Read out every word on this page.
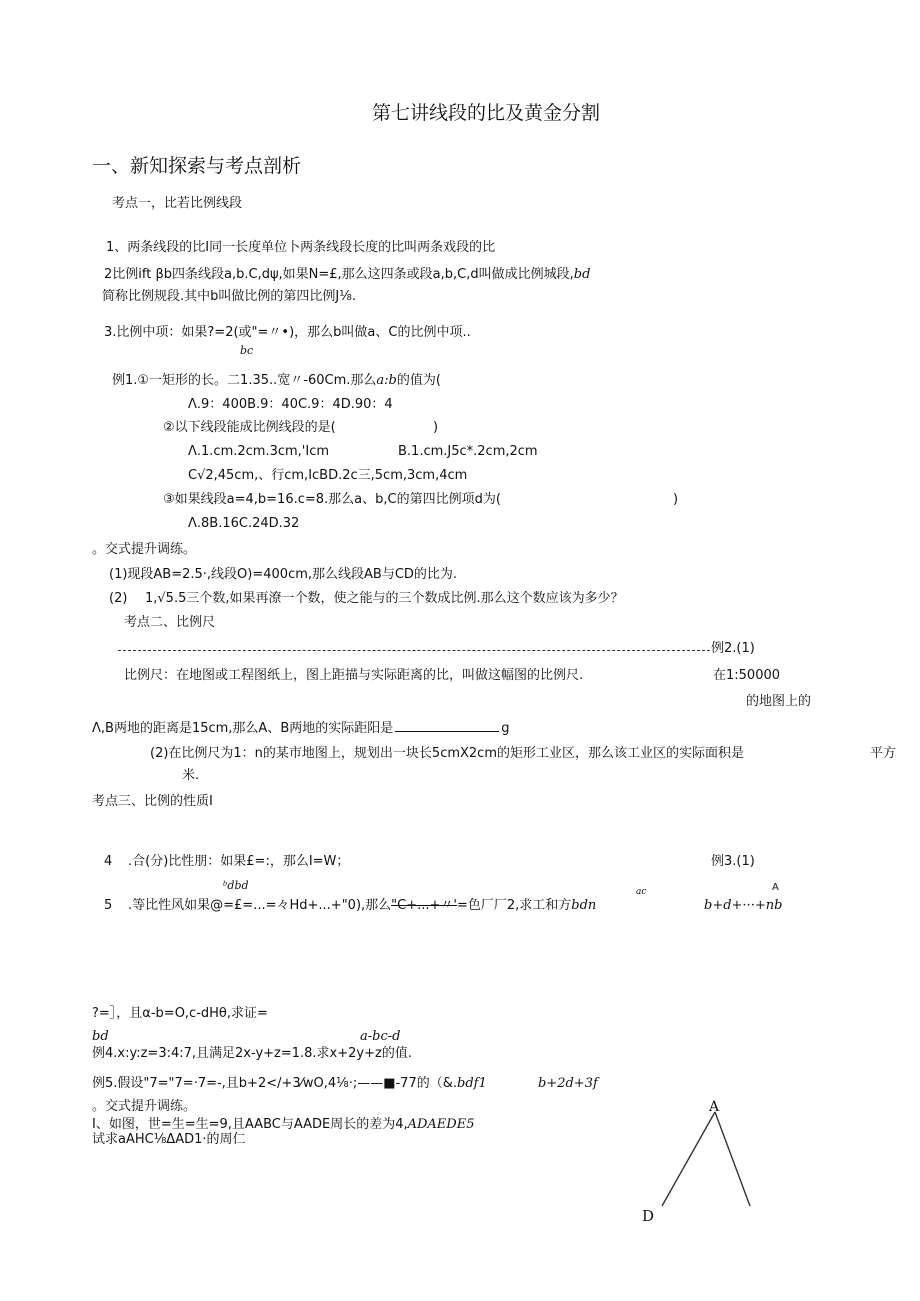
第七讲线段的比及黄金分割
一、新知探索与考点剖析
考点一，比若比例线段
1、两条线段的比I同一长度单位卜两条线段长度的比叫两条戏段的比
2比例ift βb四条线段a,b.C,dψ,如果N=£,那么这四条或段a,b,C,d叫做成比例城段,bd
简称比例规段.其中b叫做比例的第四比例J⅛.
3.比例中项：如果?=2(或"=〃•)，那么b叫做a、C的比例中项..
bc
例1.①一矩形的长。二1.35..宽〃-60Cm.那么a:b的值为(
Λ.9：400B.9：40C.9：4D.90：4
②以下线段能成比例线段的是(	)
Λ.1.cm.2cm.3cm,'Icm	B.1.cm.J5c*.2cm,2cm
C√2,45cm,、行cm,IcBD.2c三,5cm,3cm,4cm
③如果线段a=4,b=16.c=8.那么a、b,C的第四比例项d为(	)
Λ.8B.16C.24D.32
。交式提升调练。
(1)现段AB=2.5·,线段O)=400cm,那么线段AB与CD的比为.
(2) 1,√5.5三个数,如果再潦一个数，使之能与的三个数成比例.那么这个数应该为多少？
考点二、比例尺
例2.(1)
比例尺：在地图或工程图纸上，图上距描与实际距离的比，叫做这幅图的比例尺.	在1:50000
的地图上的
Λ,B两地的距离是15cm,那么A、B两地的实际距阳是	g
(2)在比例尺为1：n的某市地图上，规划出一块长5cmX2cm的矩形工业区，那么该工业区的实际面积是	平方
米.
考点三、比例的性质I
4 .合(分)比性朋：如果£=:，那么I=W；	例3.(1)
ᵇdbd	ac	A
5 .等比性风如果@=£=...=々Hd+...+"0),那么"C+...+〃'=色厂厂2,求工和方bdn	b+d+···+nb
?=］，且α-b=O,c-dHθ,求证=
bd	a-bc-d
例4.x:y:z=3:4:7,且满足2x-y+z=1.8.求x+2y+z的值.
例5.假设"7="7=·7=-,且b+2</+3⁄wO,4⅛·;——■-77的（&.bdf1	b+2d+3f
。交式提升调练。
I、如图，世=生=生=9,且AABC与AADE周长的差为4,ADAEDE5
试求aAHC⅛ΔAD1·的周仁
A
D
